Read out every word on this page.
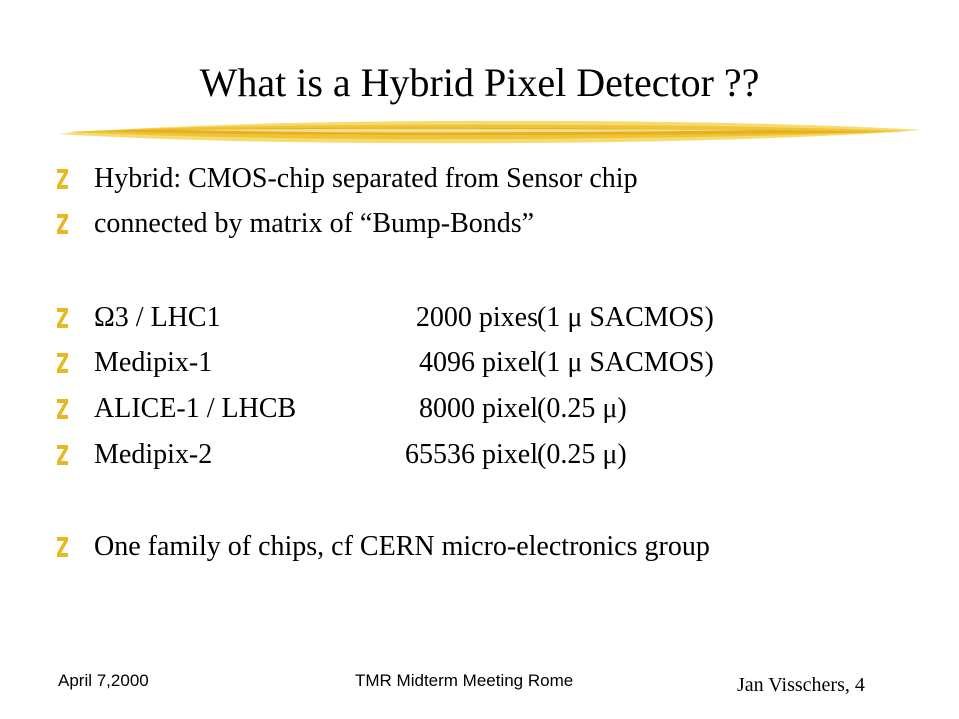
What is a Hybrid Pixel Detector ??
Hybrid: CMOS-chip separated from Sensor chip
connected by matrix of “Bump-Bonds”
Ω3 / LHC1	2000 pixes (1 μ SACMOS)
Medipix-1	4096 pixel (1 μ SACMOS)
ALICE-1 / LHCB	8000 pixel (0.25 μ)
Medipix-2	65536 pixel (0.25 μ)
One family of chips, cf CERN micro-electronics group
April 7,2000	TMR Midterm Meeting Rome	Jan Visschers, 4
